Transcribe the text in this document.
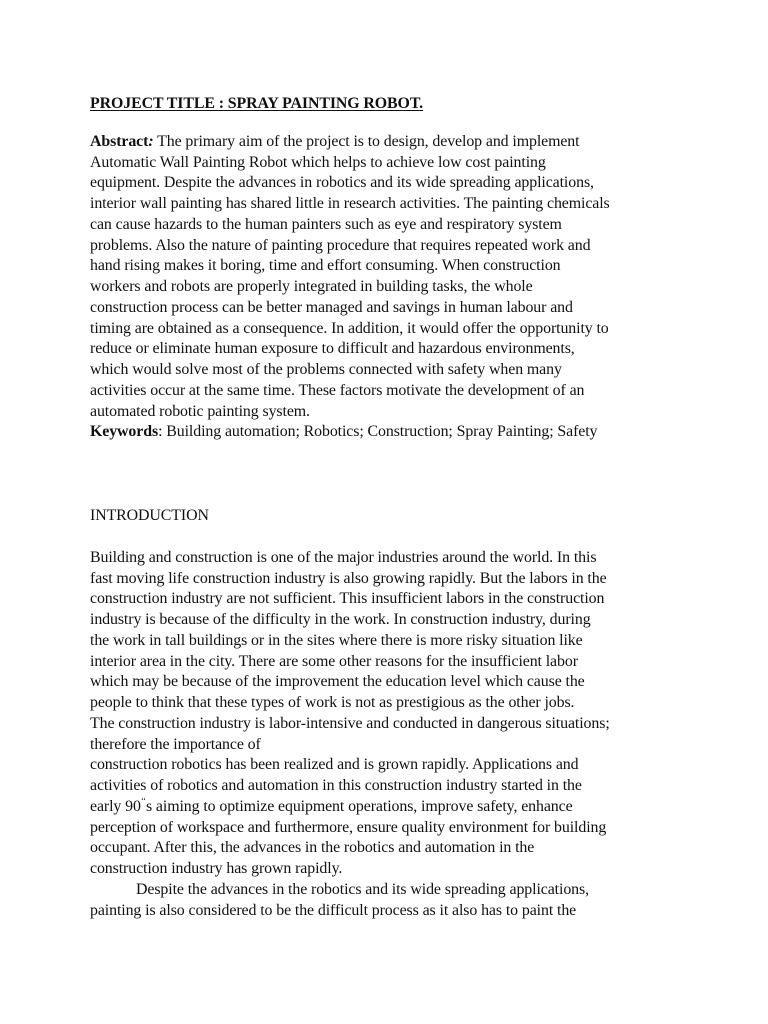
PROJECT TITLE : SPRAY PAINTING ROBOT.
Abstract: The primary aim of the project is to design, develop and implement
Automatic Wall Painting Robot which helps to achieve low cost painting
equipment. Despite the advances in robotics and its wide spreading applications,
interior wall painting has shared little in research activities. The painting chemicals
can cause hazards to the human painters such as eye and respiratory system
problems. Also the nature of painting procedure that requires repeated work and
hand rising makes it boring, time and effort consuming. When construction
workers and robots are properly integrated in building tasks, the whole
construction process can be better managed and savings in human labour and
timing are obtained as a consequence. In addition, it would offer the opportunity to
reduce or eliminate human exposure to difficult and hazardous environments,
which would solve most of the problems connected with safety when many
activities occur at the same time. These factors motivate the development of an
automated robotic painting system.
Keywords: Building automation; Robotics; Construction; Spray Painting; Safety
INTRODUCTION
Building and construction is one of the major industries around the world. In this
fast moving life construction industry is also growing rapidly. But the labors in the
construction industry are not sufficient. This insufficient labors in the construction
industry is because of the difficulty in the work. In construction industry, during
the work in tall buildings or in the sites where there is more risky situation like
interior area in the city. There are some other reasons for the insufficient labor
which may be because of the improvement the education level which cause the
people to think that these types of work is not as prestigious as the other jobs.
The construction industry is labor-intensive and conducted in dangerous situations;
therefore the importance of
construction robotics has been realized and is grown rapidly. Applications and
activities of robotics and automation in this construction industry started in the
early 90‘‘s aiming to optimize equipment operations, improve safety, enhance
perception of workspace and furthermore, ensure quality environment for building
occupant. After this, the advances in the robotics and automation in the
construction industry has grown rapidly.
Despite the advances in the robotics and its wide spreading applications,
painting is also considered to be the difficult process as it also has to paint the
